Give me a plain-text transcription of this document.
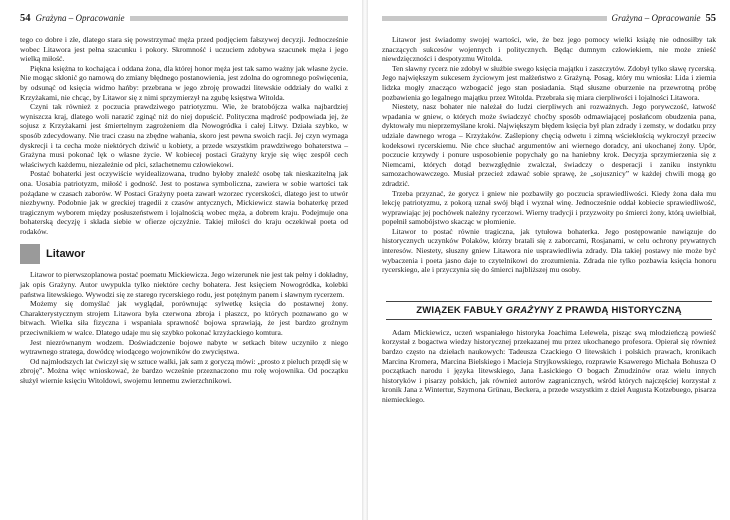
54 Grażyna – Opracowanie

tego co dobre i złe, dlatego stara się powstrzymać męża przed podjęciem fałszywej decyzji. Jednocześnie wobec Litawora jest pełna szacunku i pokory. Skromność i uczuciem zdobywa szacunek męża i jego wielką miłość.

Piękna księżna to kochająca i oddana żona, dla której honor męża jest tak samo ważny jak własne życie. Nie mogąc skłonić go namową do zmiany błędnego postanowienia, jest zdolna do ogromnego poświęcenia, by odsunąć od księcia widmo hańby: przebrana w jego zbroję prowadzi litewskie oddziały do walki z Krzyżakami, nie chcąc, by Litawor się z nimi sprzymierzył na zgubę księstwa Witolda.

Czyni tak również z poczucia prawdziwego patriotyzmu. Wie, że bratobójcza walka najbardziej wyniszcza kraj, dlatego woli narazić zginąć niż do niej dopuścić. Polityczna mądrość podpowiada jej, że sojusz z Krzyżakami jest śmiertelnym zagrożeniem dla Nowogródka i całej Litwy. Działa szybko, w sposób zdecydowany. Nie traci czasu na zbędne wahania, skoro jest pewna swoich racji. Jej czyn wymaga dyskrecji i ta cecha może niektórych dziwić u kobiety, a przede wszystkim prawdziwego bohaterstwa – Grażyna musi pokonać lęk o własne życie. W kobiecej postaci Grażyny kryje się więc zespół cech właściwych każdemu, niezależnie od płci, szlachetnemu człowiekowi.

Postać bohaterki jest oczywiście wyidealizowana, trudno byłoby znaleźć osobę tak nieskazitelną jak ona. Uosabia patriotyzm, miłość i godność. Jest to postawa symboliczna, zawiera w sobie wartości tak pożądane w czasach zaborów. W Postaci Grażyny poeta zawarł wzorzec rycerskości, dlatego jest to utwór niezbywny. Podobnie jak w greckiej tragedii z czasów antycznych, Mickiewicz stawia bohaterkę przed tragicznym wyborem między posłuszeństwem i lojalnością wobec męża, a dobrem kraju. Podejmuje ona bohaterską decyzję i składa siebie w ofierze ojczyźnie. Takiej miłości do kraju oczekiwał poeta od rodaków.

Litawor

Litawor to pierwszoplanowa postać poematu Mickiewicza. Jego wizerunek nie jest tak pełny i dokładny, jak opis Grażyny. Autor uwypukla tylko niektóre cechy bohatera. Jest księciem Nowogródka, kolebki państwa litewskiego. Wywodzi się ze starego rycerskiego rodu, jest potężnym panem i sławnym rycerzem.

Możemy się domyślać jak wyglądał, porównując sylwetkę księcia do postawnej żony. Charakterystycznym strojem Litawora była czerwona zbroja i płaszcz, po których poznawano go w bitwach. Wielka siła fizyczna i wspaniała sprawność bojowa sprawiają, że jest bardzo groźnym przeciwnikiem w walce. Dlatego udaje mu się szybko pokonać krzyżackiego komtura.

Jest niezrównanym wodzem. Doświadczenie bojowe nabyte w setkach bitew uczyniło z niego wytrawnego stratega, dowódcę wiodącego wojowników do zwycięstwa.

Od najmłodszych lat ćwiczył się w sztuce walki, jak sam z goryczą mówi: „prosto z pieluch przędł się w zbroję”. Można więc wnioskować, że bardzo wcześnie przeznaczono mu rolę wojownika. Od początku służył wiernie księciu Witoldowi, swojemu lennemu zwierzchnikowi.

Grażyna – Opracowanie 55

Litawor jest świadomy swojej wartości, wie, że bez jego pomocy wielki książę nie odnosiłby tak znaczących sukcesów wojennych i politycznych. Będąc dumnym człowiekiem, nie może znieść niewdzięczności i despotyzmu Witolda.

Ten sławny rycerz nie zdobył w służbie swego księcia majątku i zaszczytów. Zdobył tylko sławę rycerską. Jego największym sukcesem życiowym jest małżeństwo z Grażyną. Posag, który mu wniosła: Lida i ziemia lidzka mogły znacząco wzbogacić jego stan posiadania. Stąd słuszne oburzenie na przewrotną próbę pozbawienia go legalnego majątku przez Witolda. Przebrała się miara cierpliwości i lojalności Litawora.

Niestety, nasz bohater nie należał do ludzi cierpliwych ani rozważnych. Jego porywczość, łatwość wpadania w gniew, o których może świadczyć choćby sposób odmawiającej posłańcom obudzenia pana, dyktowały mu nieprzemyślane kroki. Największym błędem księcia był plan zdrady i zemsty, w dodatku przy udziale dawnego wroga – Krzyżaków. Zaślepiony chęcią odwetu i zimną wściekłością wykroczył przeciw kodeksowi rycerskiemu. Nie chce słuchać argumentów ani wiernego doradcy, ani ukochanej żony. Upór, poczucie krzywdy i ponure usposobienie popychały go na haniebny krok. Decyzja sprzymierzenia się z Niemcami, których dotąd bezwzględnie zwalczał, świadczy o desperacji i zaniku instynktu samozachowawczego. Musiał przecież zdawać sobie sprawę, że „sojusznicy” w każdej chwili mogą go zdradzić.

Trzeba przyznać, że gorycz i gniew nie pozbawiły go poczucia sprawiedliwości. Kiedy żona dała mu lekcję patriotyzmu, z pokorą uznał swój błąd i wyznał winę. Jednocześnie oddał kobiecie sprawiedliwość, wyprawiając jej pochówek należny rycerzowi. Wierny tradycji i przyzwoity po śmierci żony, którą uwielbiał, popełnił samobójstwo skacząc w płomienie.

Litawor to postać równie tragiczna, jak tytułowa bohaterka. Jego postępowanie nawiązuje do historycznych uczynków Polaków, którzy bratali się z zaborcami, Rosjanami, w celu ochrony prywatnych interesów. Niestety, słuszny gniew Litawora nie usprawiedliwia zdrady. Dla takiej postawy nie może być wybaczenia i poeta jasno daje to czytelnikowi do zrozumienia. Zdrada nie tylko pozbawia księcia honoru rycerskiego, ale i przyczynia się do śmierci najbliższej mu osoby.

ZWIĄZEK FABUŁY GRAŻYNY Z PRAWDĄ HISTORYCZNĄ

Adam Mickiewicz, uczeń wspaniałego historyka Joachima Lelewela, pisząc swą młodzieńczą powieść korzystał z bogactwa wiedzy historycznej przekazanej mu przez ukochanego profesora. Opierał się również bardzo często na dziełach naukowych: Tadeusza Czackiego O litewskich i polskich prawach, kronikach Marcina Kromera, Marcina Bielskiego i Macieja Stryjkowskiego, rozprawie Ksawerego Michała Bohusza O początkach narodu i języka litewskiego, Jana Łasickiego O bogach Żmudzinów oraz wielu innych historyków i pisarzy polskich, jak również autorów zagranicznych, wśród których najczęściej korzystał z kronik Jana z Wintertur, Szymona Grünau, Beckera, a przede wszystkim z dzieł Augusta Kotzebuego, pisarza niemieckiego.
